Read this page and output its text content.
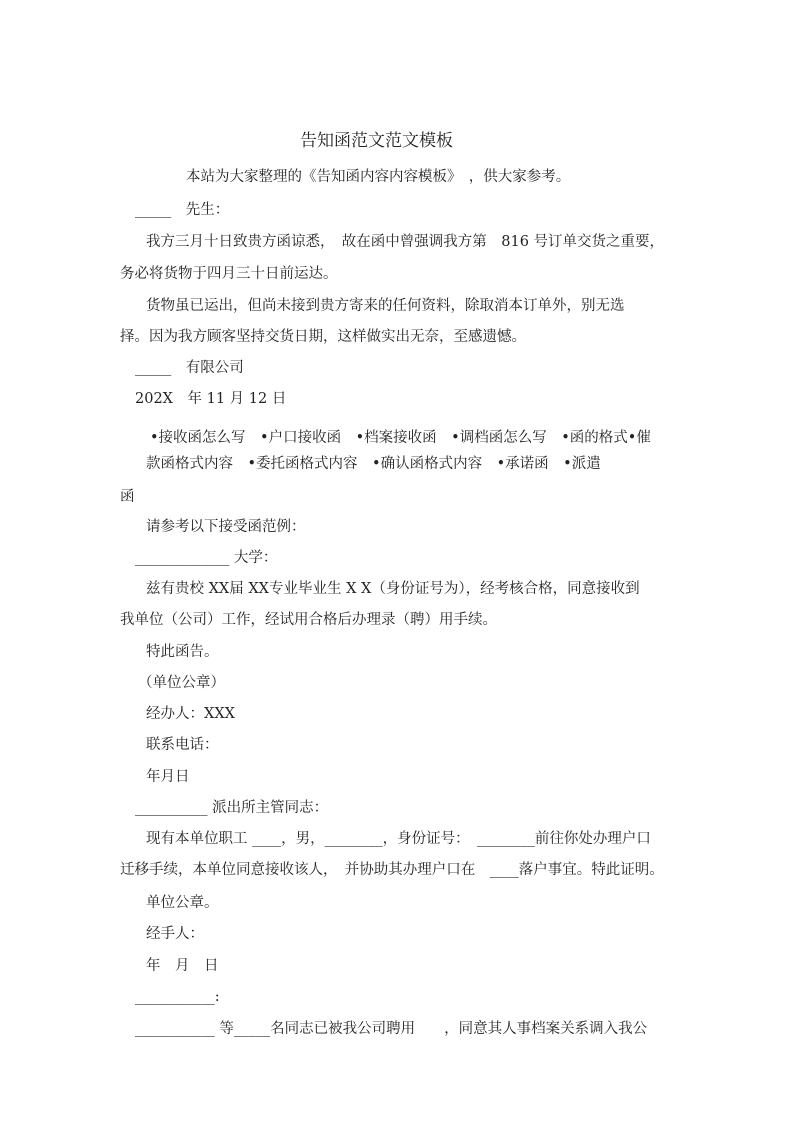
告知函范文范文模板
本站为大家整理的《告知函内容内容模板》　，供大家参考。
_____　先生：
我方三月十日致贵方函谅悉，　故在函中曾强调我方第　816 号订单交货之重要，
务必将货物于四月三十日前运达。
货物虽已运出，但尚未接到贵方寄来的任何资料，除取消本订单外，别无选
择。因为我方顾客坚持交货日期，这样做实出无奈，至感遗憾。
_____　有限公司
202X　年 11 月 12 日
•接收函怎么写　•户口接收函　•档案接收函　•调档函怎么写　•函的格式•催
款函格式内容　•委托函格式内容　•确认函格式内容　•承诺函　•派遣
函
请参考以下接受函范例：
_____________ 大学：
兹有贵校 XX届 XX专业毕业生 X X（身份证号为），经考核合格，同意接收到
我单位（公司）工作，经试用合格后办理录（聘）用手续。
特此函告。
（单位公章）
经办人：XXX
联系电话：
年月日
__________ 派出所主管同志：
现有本单位职工 ____，男，________，身份证号：　________前往你处办理户口
迁移手续，本单位同意接收该人，　并协助其办理户口在　____落户事宜。特此证明。
单位公章。
经手人：
年　月　日
___________:
___________ 等_____名同志已被我公司聘用　　，同意其人事档案关系调入我公
